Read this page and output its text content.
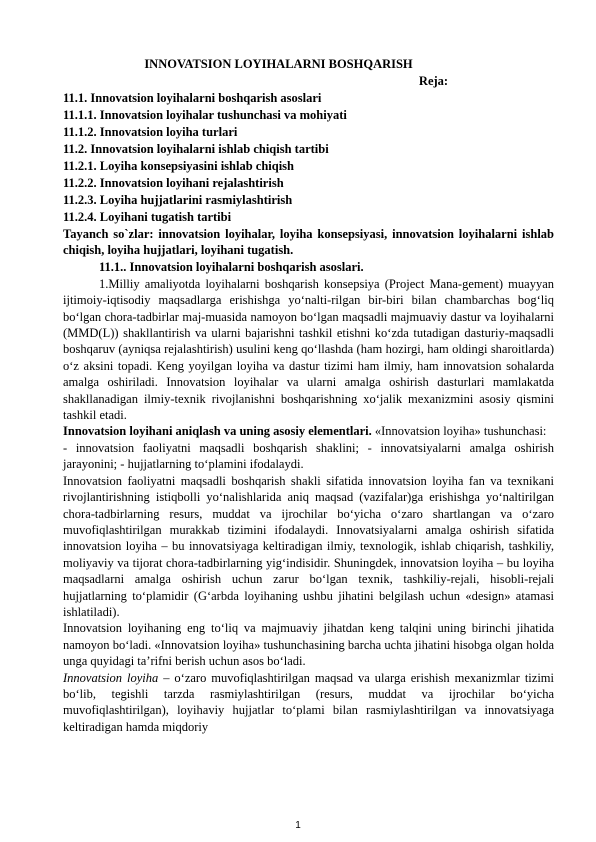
INNOVATSION LOYIHALARNI BOSHQARISH
Reja:
11.1. Innovatsion loyihalarni boshqarish asoslari
11.1.1. Innovatsion loyihalar tushunchasi va mohiyati
11.1.2. Innovatsion loyiha turlari
11.2. Innovatsion loyihalarni ishlab chiqish tartibi
11.2.1. Loyiha konsepsiyasini ishlab chiqish
11.2.2. Innovatsion loyihani rejalashtirish
11.2.3. Loyiha hujjatlarini rasmiylashtirish
11.2.4. Loyihani tugatish tartibi

Tayanch so`zlar: innovatsion loyihalar, loyiha konsepsiyasi, innovatsion loyihalarni ishlab chiqish, loyiha hujjatlari, loyihani tugatish.

11.1.. Innovatsion loyihalarni boshqarish asoslari.

1.Milliy amaliyotda loyihalarni boshqarish konsepsiya (Project Mana-gement) muayyan ijtimoiy-iqtisodiy maqsadlarga erishishga yo‘nalti-rilgan bir-biri bilan chambarchas bog‘liq bo‘lgan chora-tadbirlar maj-muasida namoyon bo‘lgan maqsadli majmuaviy dastur va loyihalarni (MMD(L)) shakllantirish va ularni bajarishni tashkil etishni ko‘zda tutadigan dasturiy-maqsadli boshqaruv (ayniqsa rejalashtirish) usulini keng qo‘llashda (ham hozirgi, ham oldingi sharoitlarda) o‘z aksini topadi. Keng yoyilgan loyiha va dastur tizimi ham ilmiy, ham innovatsion sohalarda amalga oshiriladi. Innovatsion loyihalar va ularni amalga oshirish dasturlari mamlakatda shakllanadigan ilmiy-texnik rivojlanishni boshqarishning xo‘jalik mexanizmini asosiy qismini tashkil etadi.

Innovatsion loyihani aniqlash va uning asosiy elementlari. «Innovatsion loyiha» tushunchasi:

- innovatsion faoliyatni maqsadli boshqarish shaklini; - innovatsiyalarni amalga oshirish jarayonini; - hujjatlarning to‘plamini ifodalaydi.

Innovatsion faoliyatni maqsadli boshqarish shakli sifatida innovatsion loyiha fan va texnikani rivojlantirishning istiqbolli yo‘nalishlarida aniq maqsad (vazifalar)ga erishishga yo‘naltirilgan chora-tadbirlarning resurs, muddat va ijrochilar bo‘yicha o‘zaro shartlangan va o‘zaro muvofiqlashtirilgan murakkab tizimini ifodalaydi. Innovatsiyalarni amalga oshirish sifatida innovatsion loyiha – bu innovatsiyaga keltiradigan ilmiy, texnologik, ishlab chiqarish, tashkiliy, moliyaviy va tijorat chora-tadbirlarning yig‘indisidir. Shuningdek, innovatsion loyiha – bu loyiha maqsadlarni amalga oshirish uchun zarur bo‘lgan texnik, tashkiliy-rejali, hisobli-rejali hujjatlarning to‘plamidir (G‘arbda loyihaning ushbu jihatini belgilash uchun «design» atamasi ishlatiladi).

Innovatsion loyihaning eng to‘liq va majmuaviy jihatdan keng talqini uning birinchi jihatida namoyon bo‘ladi. «Innovatsion loyiha» tushunchasining barcha uchta jihatini hisobga olgan holda unga quyidagi ta’rifni berish uchun asos bo‘ladi.

Innovatsion loyiha – o‘zaro muvofiqlashtirilgan maqsad va ularga erishish mexanizmlar tizimi bo‘lib, tegishli tarzda rasmiylashtirilgan (resurs, muddat va ijrochilar bo‘yicha muvofiqlashtirilgan), loyihaviy hujjatlar to‘plami bilan rasmiylashtirilgan va innovatsiyaga keltiradigan hamda miqdoriy

1
